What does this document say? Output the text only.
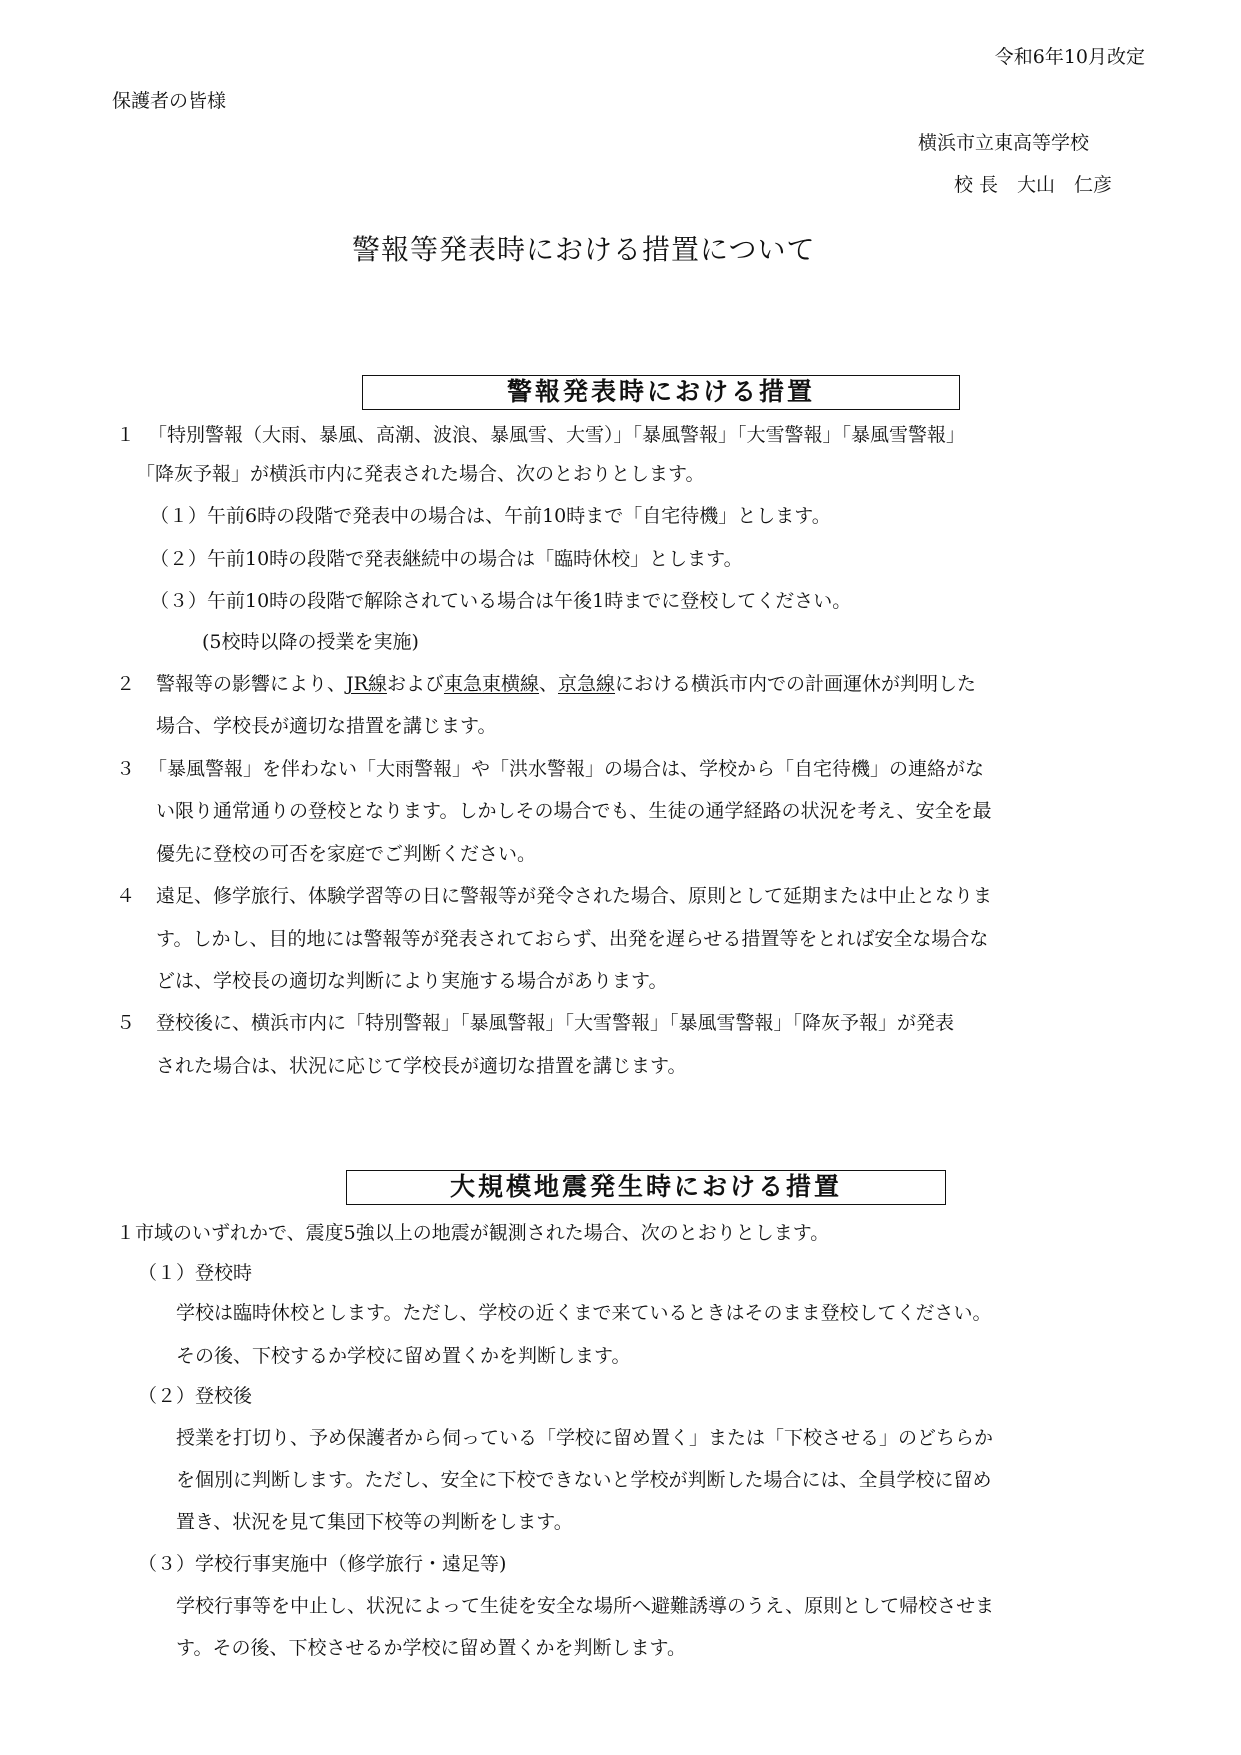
令和6年10月改定
保護者の皆様
横浜市立東高等学校
校 長　大山　仁彦
警報等発表時における措置について
警報発表時における措置
１ 「特別警報（大雨、暴風、高潮、波浪、暴風雪、大雪）」「暴風警報」「大雪警報」「暴風雪警報」
「降灰予報」が横浜市内に発表された場合、次のとおりとします。
（１）午前6時の段階で発表中の場合は、午前10時まで「自宅待機」とします。
（２）午前10時の段階で発表継続中の場合は「臨時休校」とします。
（３）午前10時の段階で解除されている場合は午後1時までに登校してください。
(5校時以降の授業を実施)
２ 警報等の影響により、JR線および東急東横線、京急線における横浜市内での計画運休が判明した
場合、学校長が適切な措置を講じます。
３ 「暴風警報」を伴わない「大雨警報」や「洪水警報」の場合は、学校から「自宅待機」の連絡がな
い限り通常通りの登校となります。しかしその場合でも、生徒の通学経路の状況を考え、安全を最
優先に登校の可否を家庭でご判断ください。
４ 遠足、修学旅行、体験学習等の日に警報等が発令された場合、原則として延期または中止となりま
す。しかし、目的地には警報等が発表されておらず、出発を遅らせる措置等をとれば安全な場合な
どは、学校長の適切な判断により実施する場合があります。
５ 登校後に、横浜市内に「特別警報」「暴風警報」「大雪警報」「暴風雪警報」「降灰予報」が発表
された場合は、状況に応じて学校長が適切な措置を講じます。
大規模地震発生時における措置
１市域のいずれかで、震度5強以上の地震が観測された場合、次のとおりとします。
（１）登校時
学校は臨時休校とします。ただし、学校の近くまで来ているときはそのまま登校してください。
その後、下校するか学校に留め置くかを判断します。
（２）登校後
授業を打切り、予め保護者から伺っている「学校に留め置く」または「下校させる」のどちらか
を個別に判断します。ただし、安全に下校できないと学校が判断した場合には、全員学校に留め
置き、状況を見て集団下校等の判断をします。
（３）学校行事実施中（修学旅行・遠足等)
学校行事等を中止し、状況によって生徒を安全な場所へ避難誘導のうえ、原則として帰校させま
す。その後、下校させるか学校に留め置くかを判断します。
